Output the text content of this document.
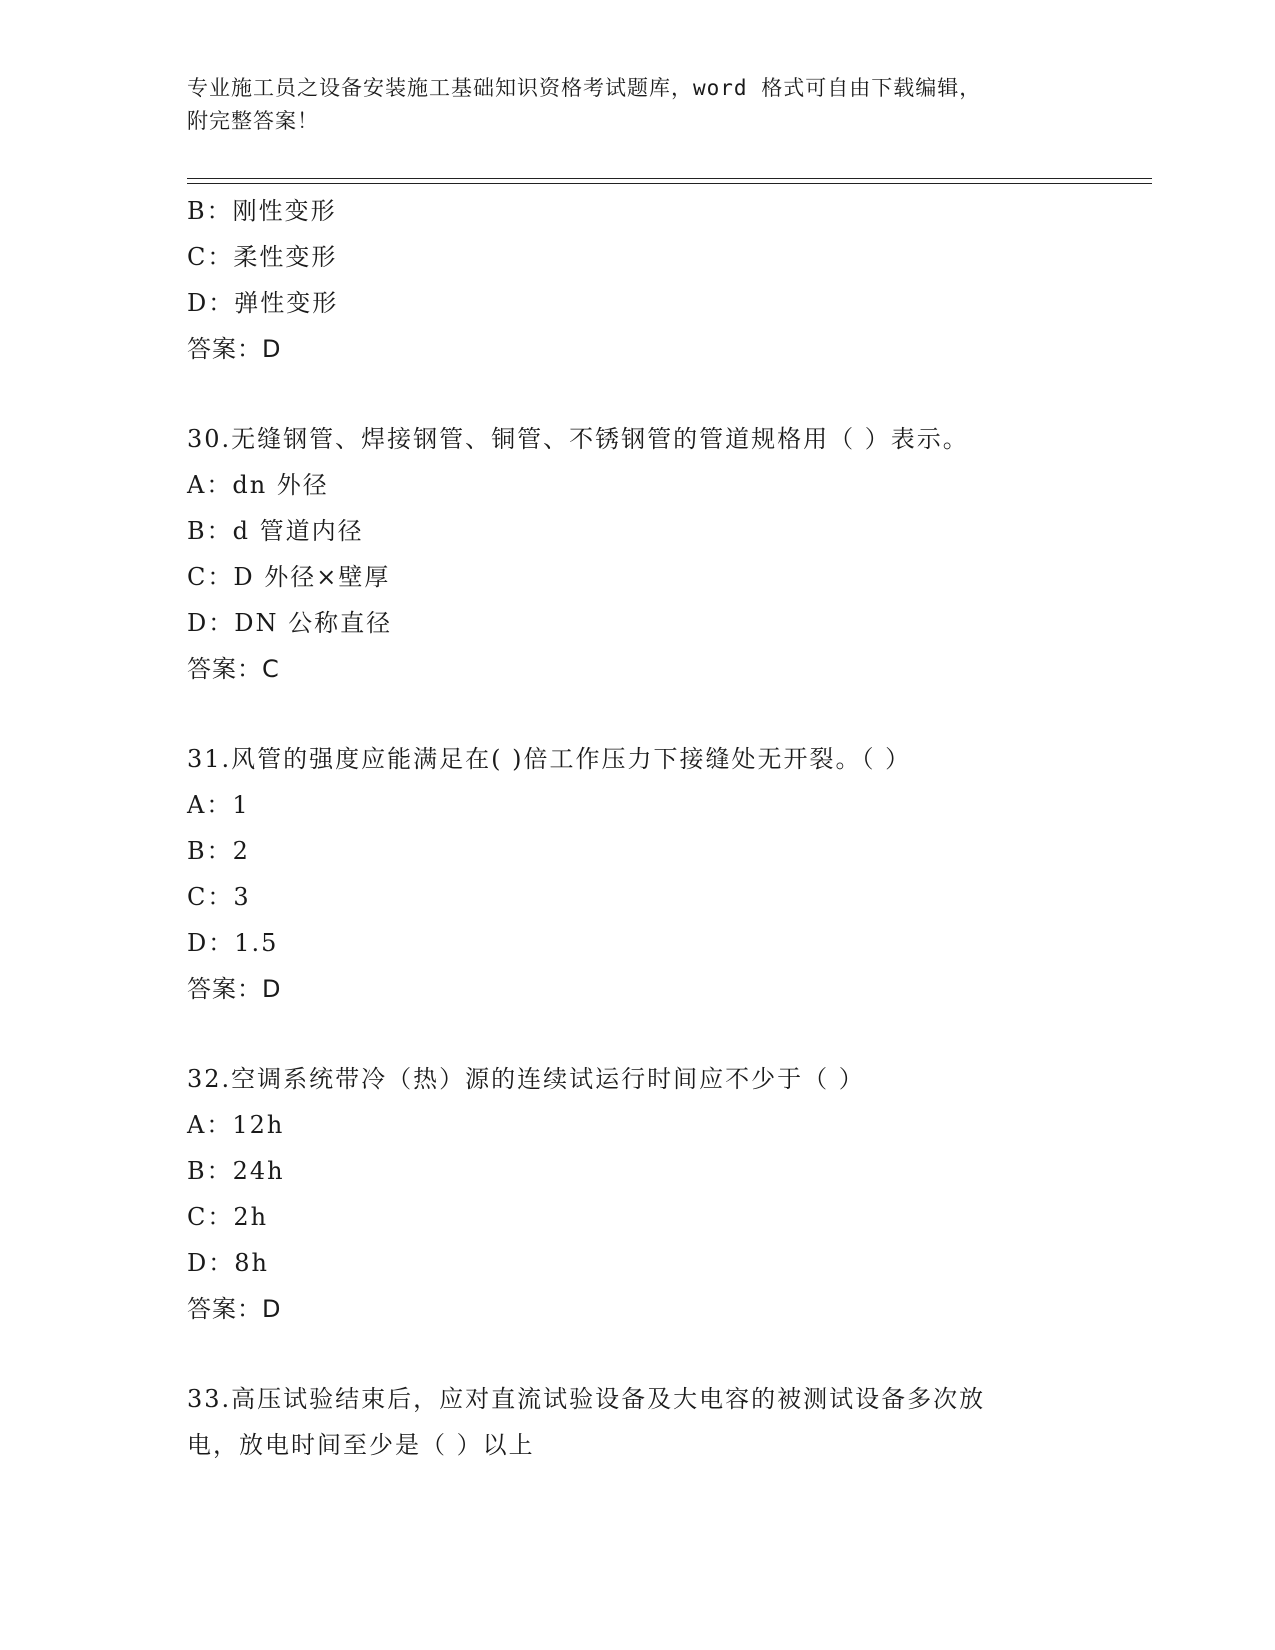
专业施工员之设备安装施工基础知识资格考试题库，word 格式可自由下载编辑，
附完整答案！
B：刚性变形
C：柔性变形
D：弹性变形
答案：D
30.无缝钢管、焊接钢管、铜管、不锈钢管的管道规格用（ ）表示。
A：dn 外径
B：d 管道内径
C：D 外径×壁厚
D：DN 公称直径
答案：C
31.风管的强度应能满足在( )倍工作压力下接缝处无开裂。（ ）
A：1
B：2
C：3
D：1.5
答案：D
32.空调系统带冷（热）源的连续试运行时间应不少于（ ）
A：12h
B：24h
C：2h
D：8h
答案：D
33.高压试验结束后，应对直流试验设备及大电容的被测试设备多次放
电，放电时间至少是（ ）以上
